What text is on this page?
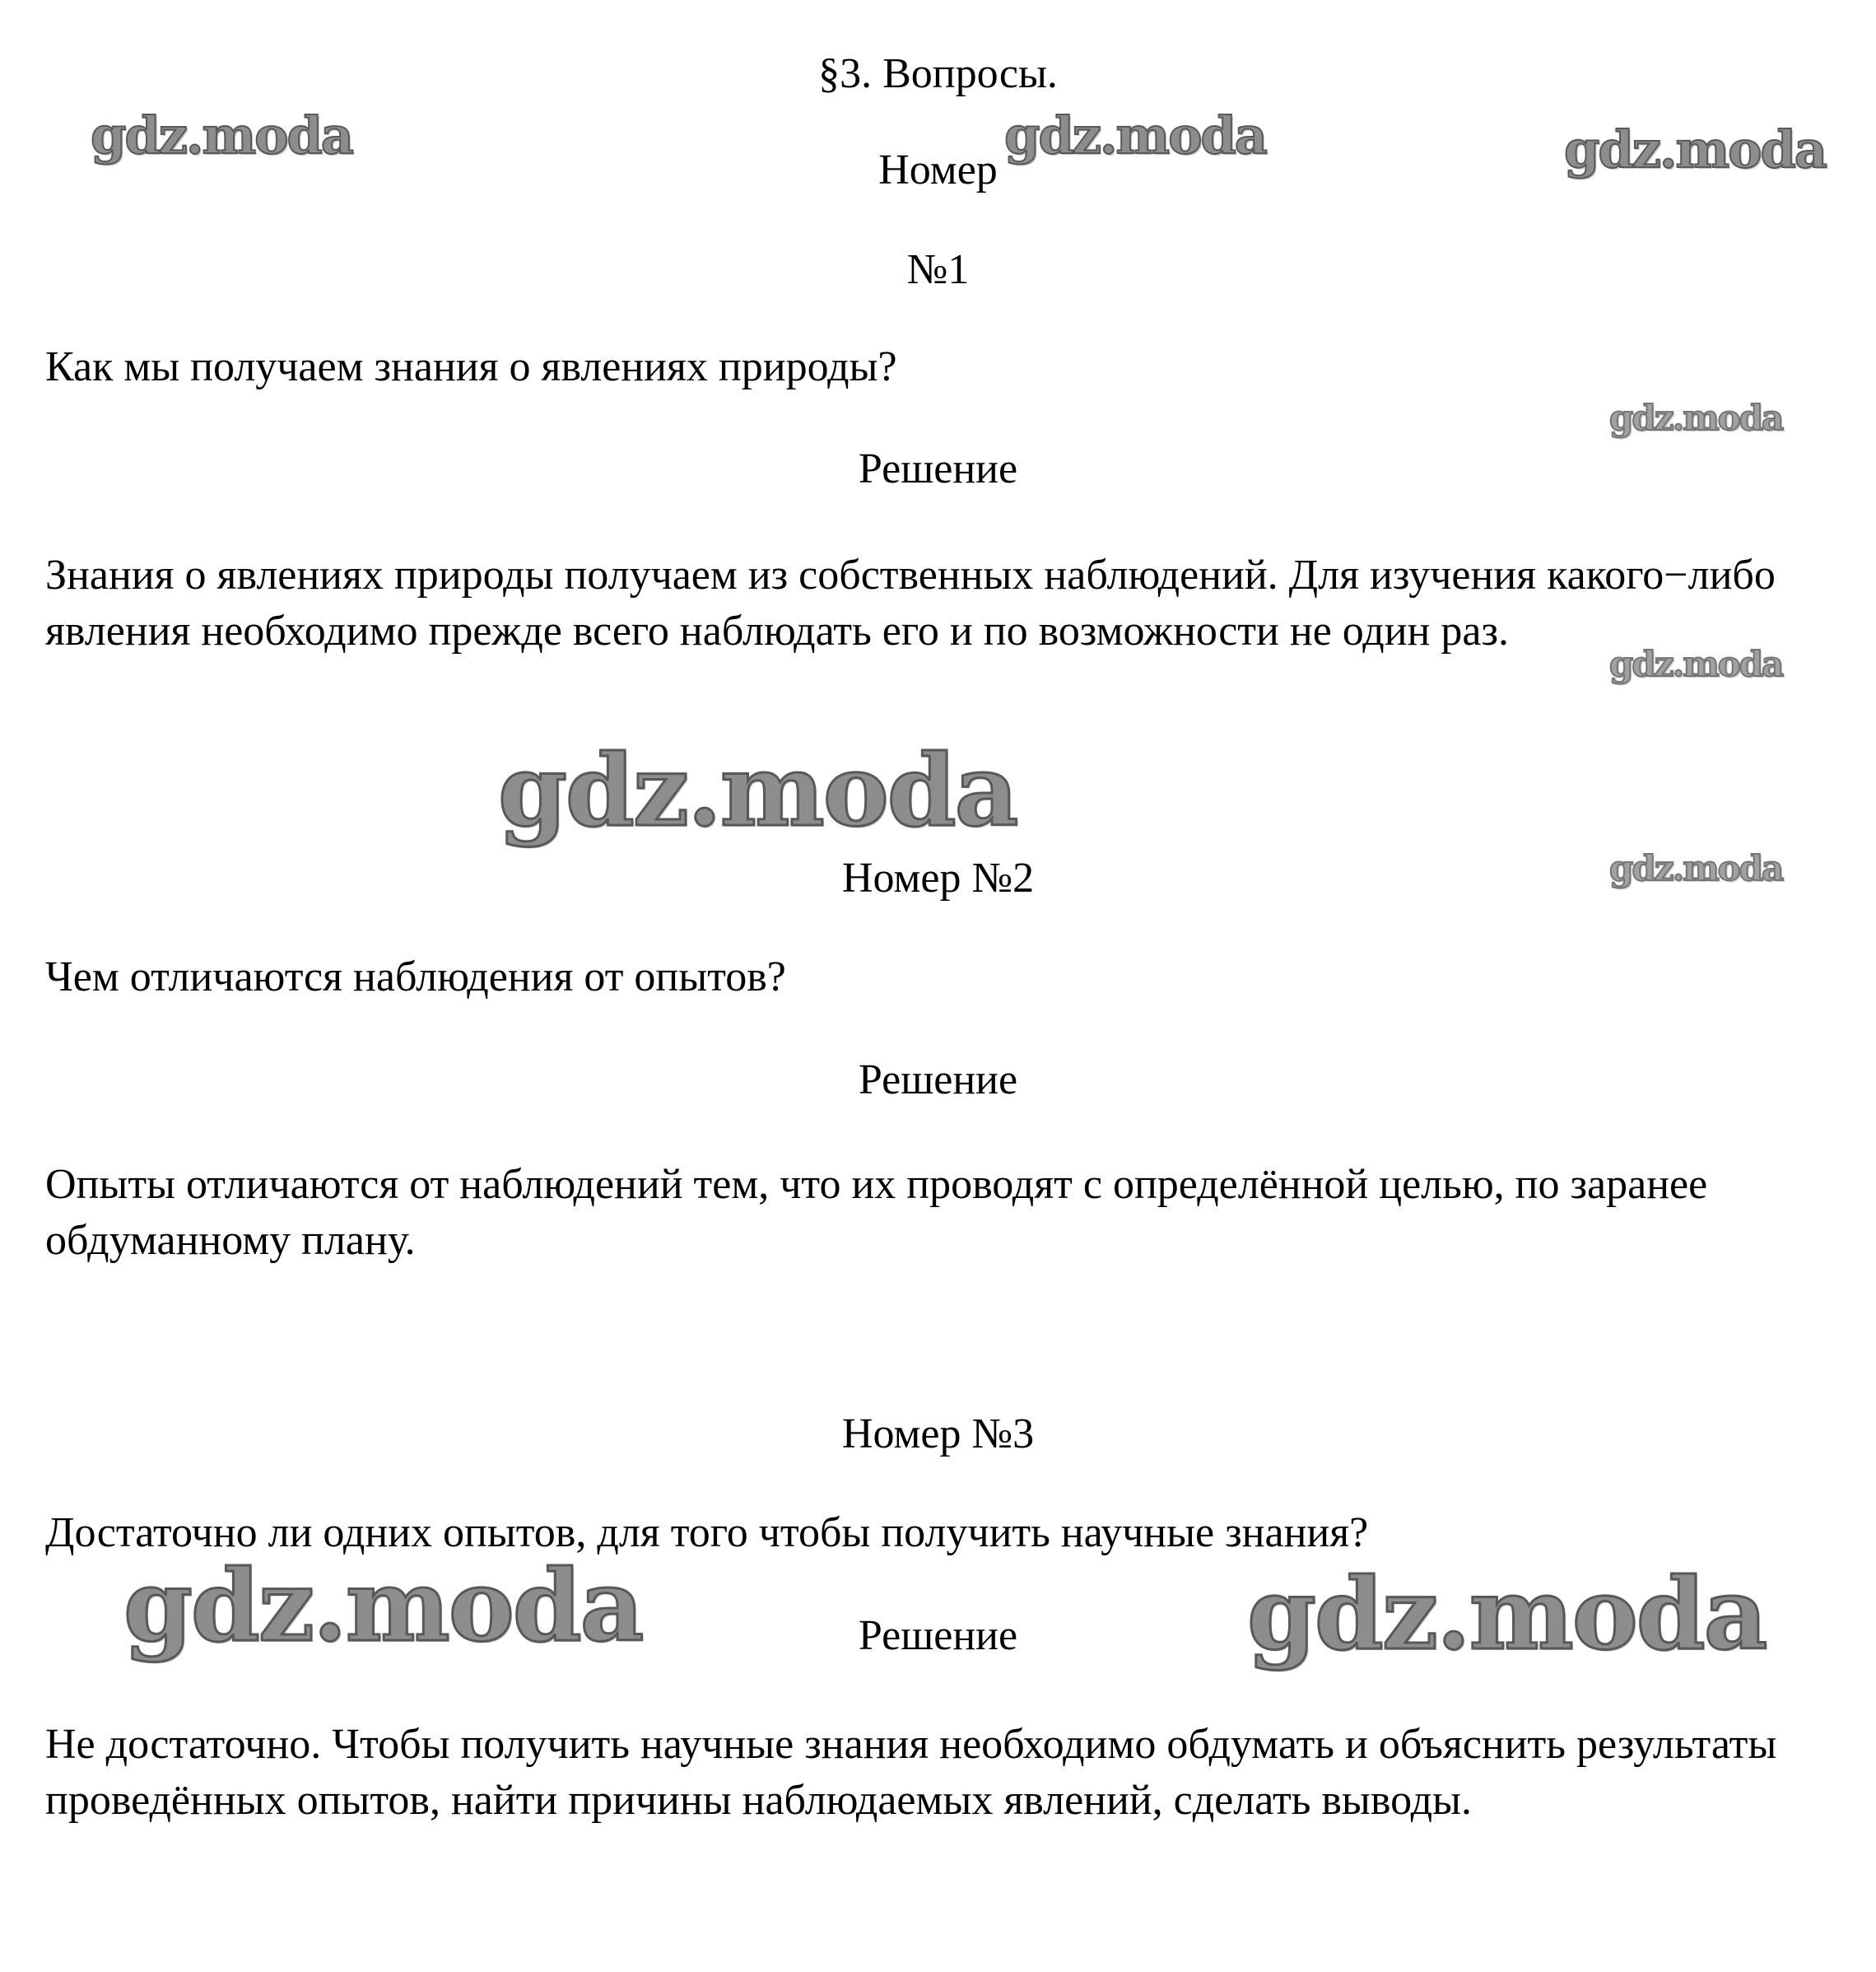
§3. Вопросы.
Номер
№1
Как мы получаем знания о явлениях природы?
Решение
Знания о явлениях природы получаем из собственных наблюдений. Для изучения какого−либо явления необходимо прежде всего наблюдать его и по возможности не один раз.
Номер №2
Чем отличаются наблюдения от опытов?
Решение
Опыты отличаются от наблюдений тем, что их проводят с определённой целью, по заранее обдуманному плану.
Номер №3
Достаточно ли одних опытов, для того чтобы получить научные знания?
Решение
Не достаточно. Чтобы получить научные знания необходимо обдумать и объяснить результаты проведённых опытов, найти причины наблюдаемых явлений, сделать выводы.
gdz.moda	gdz.moda	gdz.moda
gdz.moda
gdz.moda
gdz.moda
gdz.moda
gdz.moda	gdz.moda
